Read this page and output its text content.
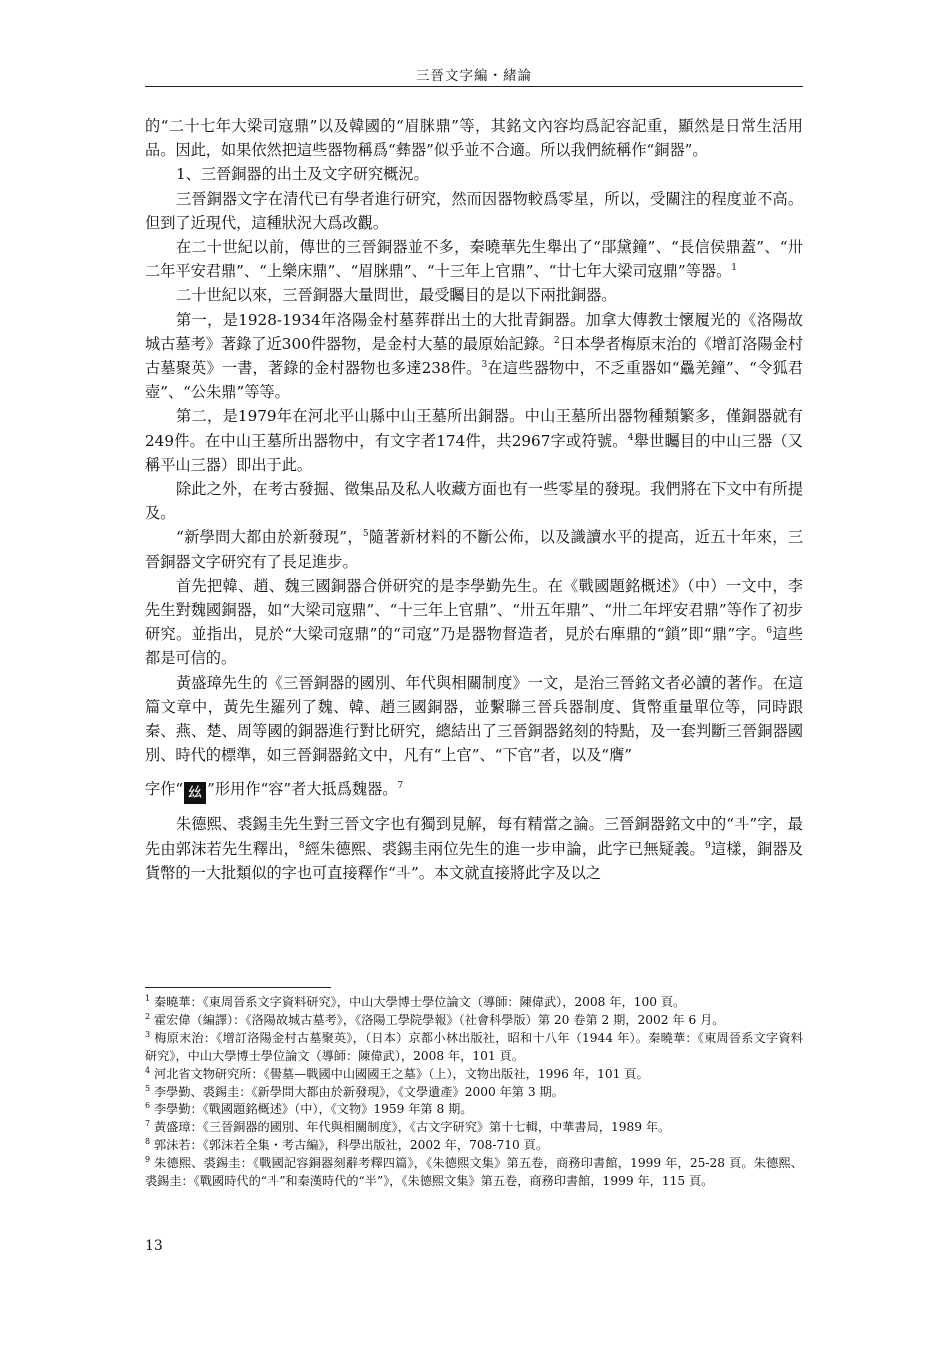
三晉文字編・緒論

的“二十七年大梁司寇鼎”以及韓國的“眉脒鼎”等，其銘文內容均爲記容記重，顯然是日常生活用品。因此，如果依然把這些器物稱爲“彝器”似乎並不合適。所以我們統稱作“銅器”。

1、三晉銅器的出土及文字研究概況。

三晉銅器文字在清代已有學者進行研究，然而因器物較爲零星，所以，受關注的程度並不高。但到了近現代，這種狀況大爲改觀。

在二十世紀以前，傳世的三晉銅器並不多，秦曉華先生舉出了“郘黛鐘”、“長信侯鼎蓋”、“卅二年平安君鼎”、“上樂床鼎”、“眉脒鼎”、“十三年上官鼎”、“廿七年大梁司寇鼎”等器。$^1$

二十世紀以來，三晉銅器大量問世，最受矚目的是以下兩批銅器。

第一，是1928-1934年洛陽金村墓葬群出土的大批青銅器。加拿大傳教士懷履光的《洛陽故城古墓考》著錄了近300件器物，是金村大墓的最原始記錄。$^2$日本學者梅原末治的《增訂洛陽金村古墓聚英》一書，著錄的金村器物也多達238件。$^3$在這些器物中，不乏重器如“驫羌鐘”、“令狐君壺”、“公朱鼎”等等。

第二，是1979年在河北平山縣中山王墓所出銅器。中山王墓所出器物種類繁多，僅銅器就有249件。在中山王墓所出器物中，有文字者174件，共2967字或符號。$^4$舉世矚目的中山三器（又稱平山三器）即出于此。

除此之外，在考古發掘、徵集品及私人收藏方面也有一些零星的發現。我們將在下文中有所提及。

“新學問大都由於新發現”，$^5$隨著新材料的不斷公佈，以及識讀水平的提高，近五十年來，三晉銅器文字研究有了長足進步。

首先把韓、趙、魏三國銅器合併研究的是李學勤先生。在《戰國題銘概述》（中）一文中，李先生對魏國銅器，如“大梁司寇鼎”、“十三年上官鼎”、“卅五年鼎”、“卅二年坪安君鼎”等作了初步研究。並指出，見於“大梁司寇鼎”的“司寇”乃是器物督造者，見於右㢑鼎的“鎖”即“鼎”字。$^6$這些都是可信的。

黃盛璋先生的《三晉銅器的國別、年代與相關制度》一文，是治三晉銘文者必讀的著作。在這篇文章中，黃先生羅列了魏、韓、趙三國銅器，並繫聯三晉兵器制度、貨幣重量單位等，同時跟秦、燕、楚、周等國的銅器進行對比研究，總結出了三晉銅器銘刻的特點，及一套判斷三晉銅器國別、時代的標準，如三晉銅器銘文中，凡有“上官”、“下官”者，以及“膺”

字作“ 𢆶 ”形用作“容”者大抵爲魏器。$^7$

朱德熙、裘錫圭先生對三晉文字也有獨到見解，每有精當之論。三晉銅器銘文中的“𣁬”字，最先由郭沫若先生釋出，$^8$經朱德熙、裘錫圭兩位先生的進一步申論，此字已無疑義。$^9$這樣，銅器及貨幣的一大批類似的字也可直接釋作“𣁬”。本文就直接將此字及以之

$^1$ 秦曉華：《東周晉系文字資料研究》，中山大學博士學位論文（導師：陳偉武），2008 年，100 頁。

$^2$ 霍宏偉（編譯）：《洛陽故城古墓考》，《洛陽工學院學報》（社會科學版）第 20 卷第 2 期，2002 年 6 月。

$^3$ 梅原末治：《增訂洛陽金村古墓聚英》，（日本）京都小林出版社，昭和十八年（1944 年）。秦曉華：《東周晉系文字資料研究》，中山大學博士學位論文（導師：陳偉武），2008 年，101 頁。

$^4$ 河北省文物研究所：《嚳墓—戰國中山國國王之墓》（上），文物出版社，1996 年，101 頁。

$^5$ 李學勤、裘錫圭：《新學問大都由於新發現》，《文學遺產》2000 年第 3 期。

$^6$ 李學勤：《戰國題銘概述》（中），《文物》1959 年第 8 期。

$^7$ 黃盛璋：《三晉銅器的國別、年代與相關制度》，《古文字研究》第十七輯，中華書局，1989 年。

$^8$ 郭沫若：《郭沫若全集・考古編》，科學出版社，2002 年，708-710 頁。

$^9$ 朱德熙、裘錫圭：《戰國記容銅器刻辭考釋四篇》，《朱德熙文集》第五卷，商務印書館，1999 年，25-28 頁。朱德熙、裘錫圭：《戰國時代的“𣁬”和秦漢時代的“半”》，《朱德熙文集》第五卷，商務印書館，1999 年，115 頁。

13
